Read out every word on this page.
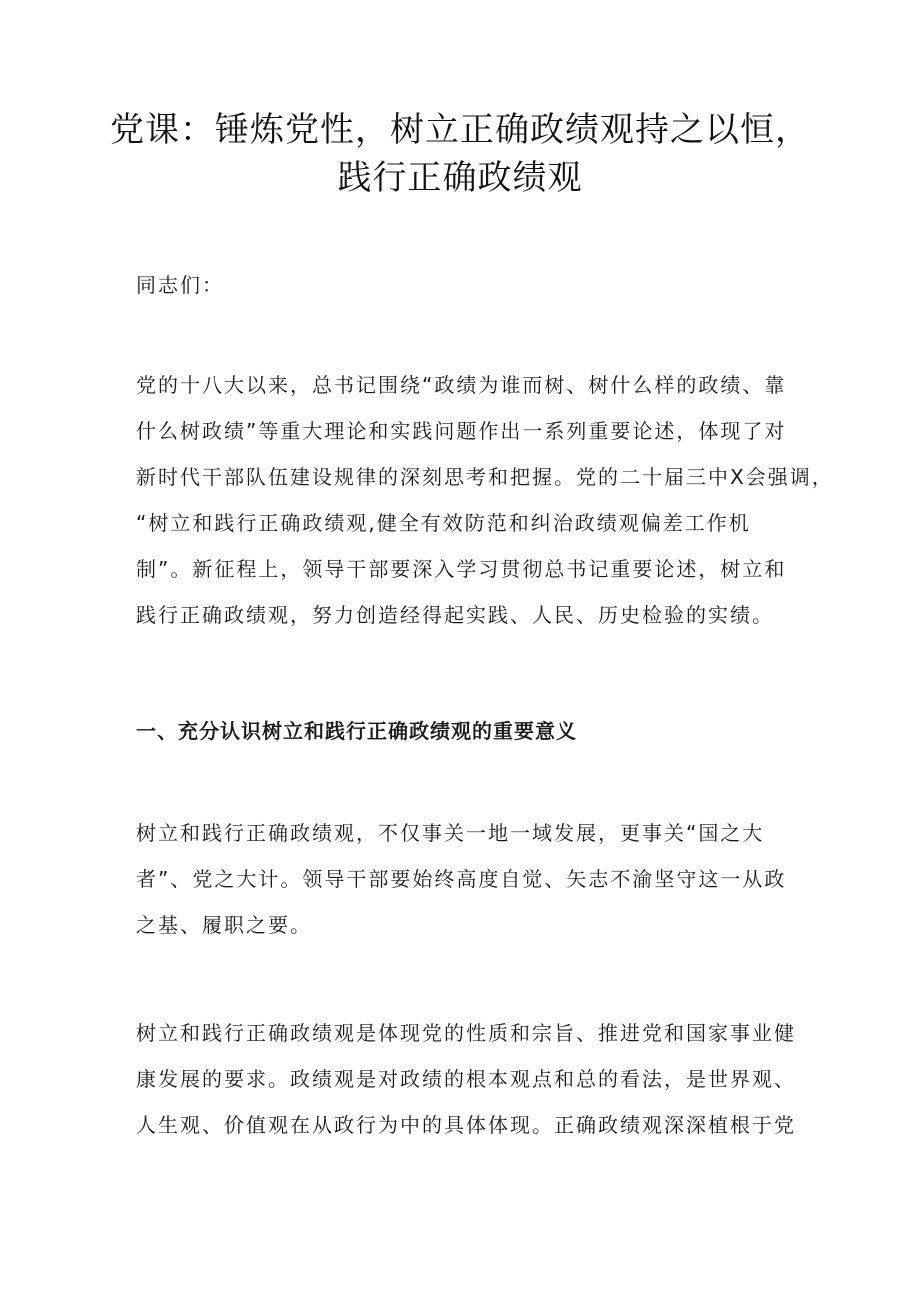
党课：锤炼党性，树立正确政绩观持之以恒，
践行正确政绩观

同志们：

党的十八大以来，总书记围绕“政绩为谁而树、树什么样的政绩、靠
什么树政绩”等重大理论和实践问题作出一系列重要论述，体现了对
新时代干部队伍建设规律的深刻思考和把握。党的二十届三中X会强调，
“树立和践行正确政绩观,健全有效防范和纠治政绩观偏差工作机
制”。新征程上，领导干部要深入学习贯彻总书记重要论述，树立和
践行正确政绩观，努力创造经得起实践、人民、历史检验的实绩。

一、充分认识树立和践行正确政绩观的重要意义

树立和践行正确政绩观，不仅事关一地一域发展，更事关“国之大
者”、党之大计。领导干部要始终高度自觉、矢志不渝坚守这一从政
之基、履职之要。
树立和践行正确政绩观是体现党的性质和宗旨、推进党和国家事业健
康发展的要求。政绩观是对政绩的根本观点和总的看法，是世界观、
人生观、价值观在从政行为中的具体体现。正确政绩观深深植根于党
